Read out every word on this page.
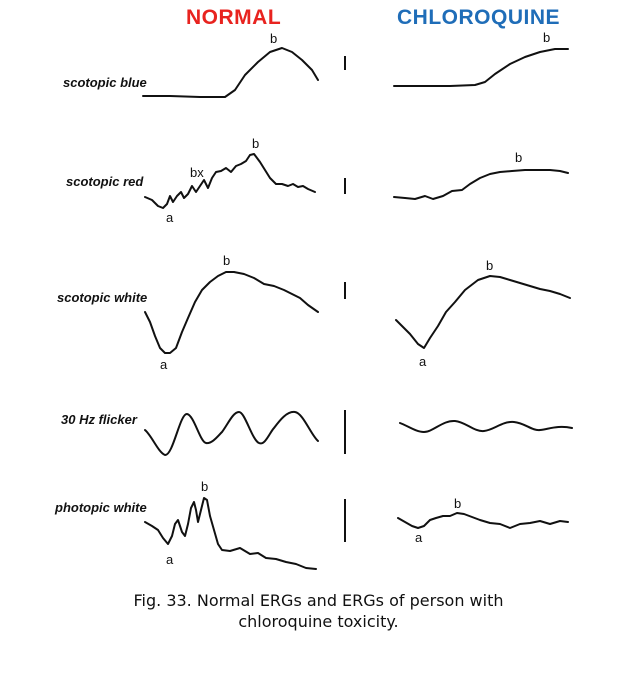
NORMAL	CHLOROQUINE
scotopic blue
scotopic red
scotopic white
30 Hz flicker
photopic white
b	b
b
bx
a
b
b
a
b
a
b
a
b
a
Fig. 33. Normal ERGs and ERGs of person with
chloroquine toxicity.
